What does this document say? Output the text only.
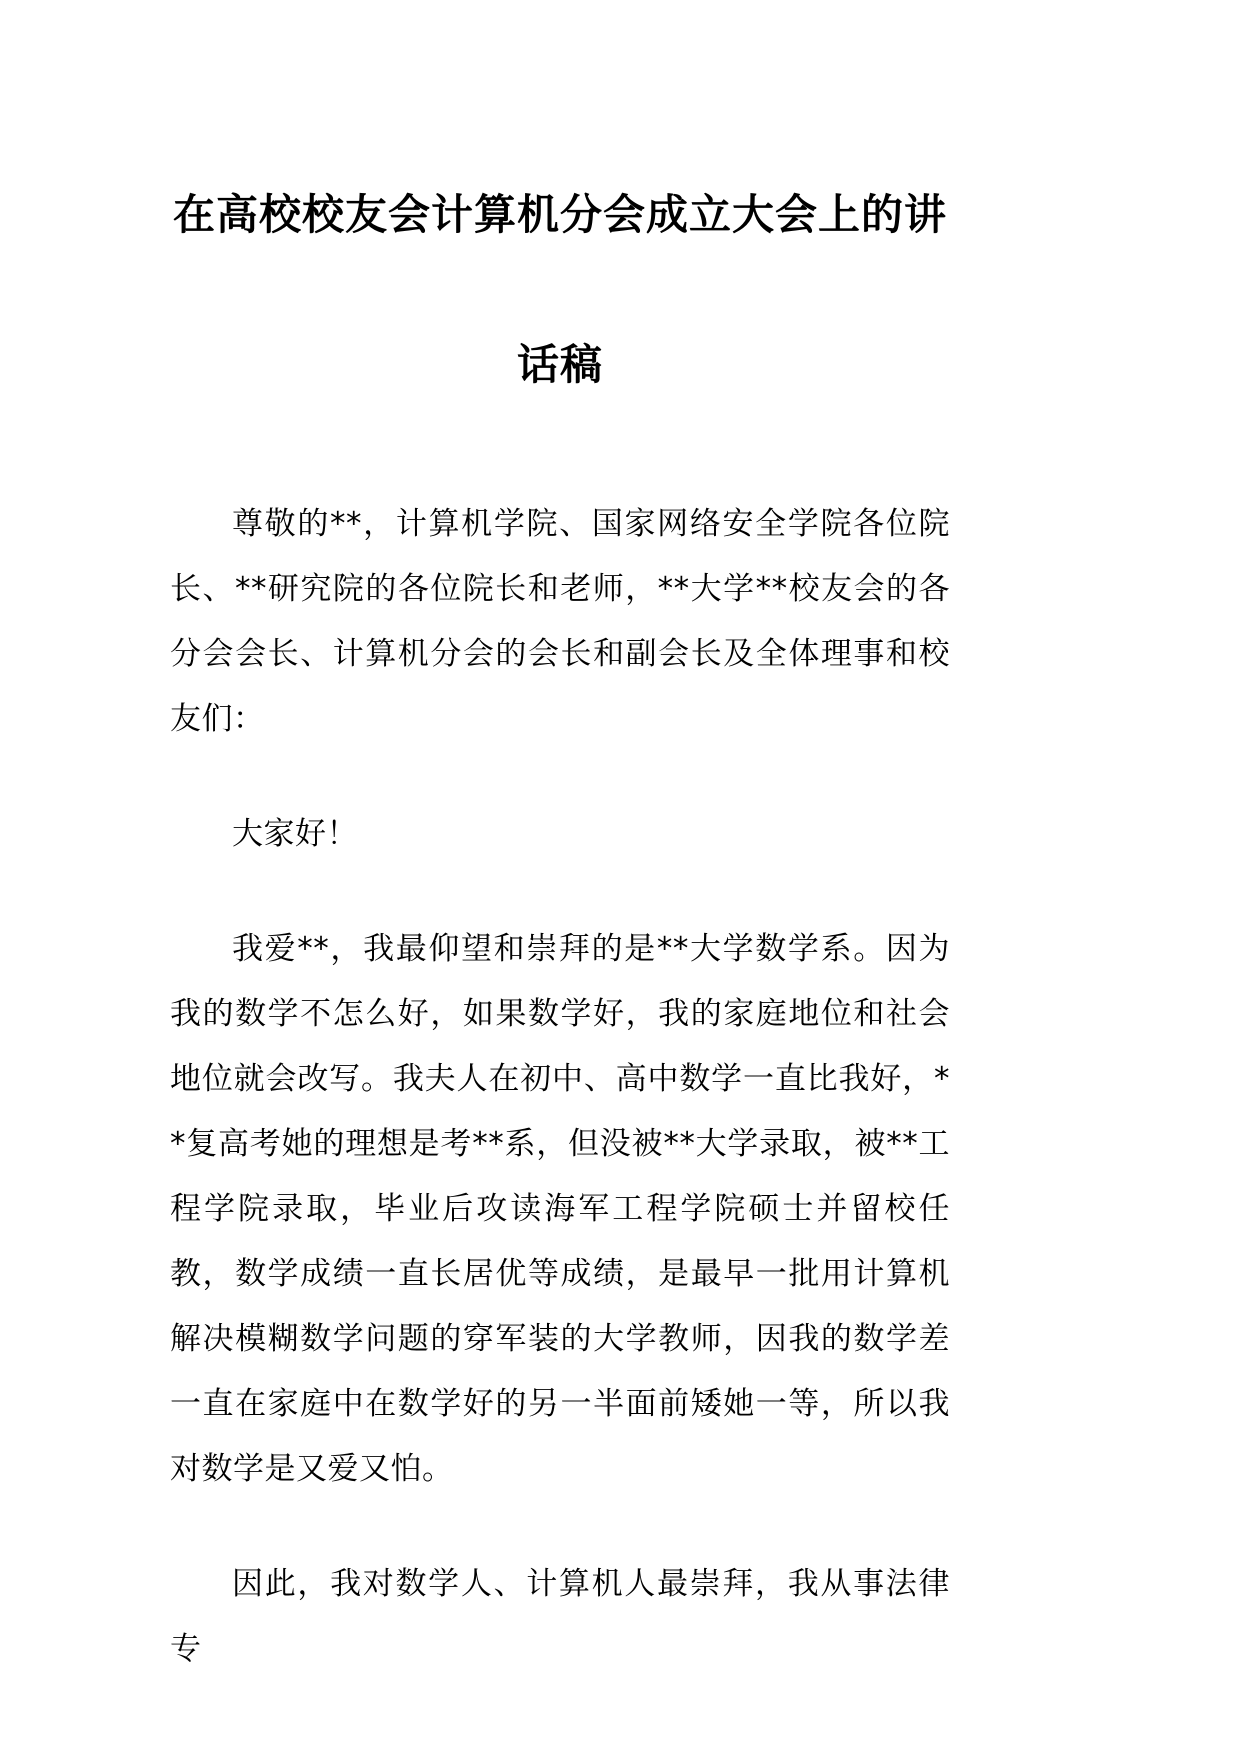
在高校校友会计算机分会成立大会上的讲
话稿

尊敬的**，计算机学院、国家网络安全学院各位院长、**研究院的各位院长和老师，**大学**校友会的各分会会长、计算机分会的会长和副会长及全体理事和校友们：

大家好！

我爱**，我最仰望和崇拜的是**大学数学系。因为我的数学不怎么好，如果数学好，我的家庭地位和社会地位就会改写。我夫人在初中、高中数学一直比我好，**复高考她的理想是考**系，但没被**大学录取，被**工程学院录取，毕业后攻读海军工程学院硕士并留校任教，数学成绩一直长居优等成绩，是最早一批用计算机解决模糊数学问题的穿军装的大学教师，因我的数学差一直在家庭中在数学好的另一半面前矮她一等，所以我对数学是又爱又怕。

因此，我对数学人、计算机人最崇拜，我从事法律专
